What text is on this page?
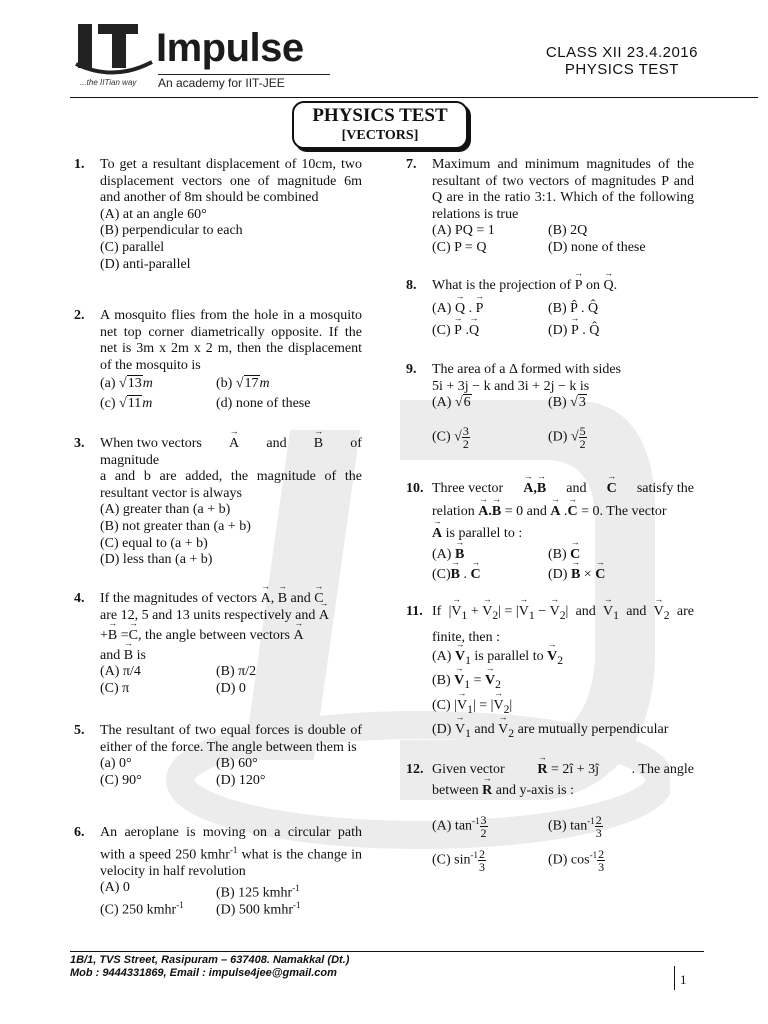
Impulse
An academy for IIT-JEE
...the IITian way
CLASS XII 23.4.2016
PHYSICS TEST
PHYSICS TEST
[VECTORS]
1. To get a resultant displacement of 10cm, two displacement vectors one of magnitude 6m and another of 8m should be combined
(A) at an angle 60°
(B) perpendicular to each
(C) parallel
(D) anti-parallel
2. A mosquito flies from the hole in a mosquito net top corner diametrically opposite. If the net is 3m x 2m x 2 m, then the displacement of the mosquito is
(a) √13m	(b) √17m
(c) √11m	(d) none of these
3. When two vectors → A and → B of
magnitude
a and b are added, the magnitude of the resultant vector is always
(A) greater than (a + b)
(B) not greater than (a + b)
(C) equal to (a + b)
(D) less than (a + b)
4. If the magnitudes of vectors → A, → B and → C
are 12, 5 and 13 units respectively and → A
+→ B =→ C, the angle between vectors → A
and → B is
(A) π/4	(B) π/2
(C) π	(D) 0
5. The resultant of two equal forces is double of either of the force. The angle between them is
(a) 0°	(B) 60°
(C) 90°	(D) 120°
6. An aeroplane is moving on a circular path with a speed 250 kmhr$^{-1}$ what is the change in velocity in half revolution
(A) 0	(B) 125 kmhr$^{-1}$
(C) 250 kmhr$^{-1}$ (D) 500 kmhr$^{-1}$
7. Maximum and minimum magnitudes of the resultant of two vectors of magnitudes P and Q are in the ratio 3:1. Which of the following relations is true
(A) PQ = 1	(B) 2Q
(C) P = Q	(D) none of these
8. What is the projection of → P on → Q.
(A) → Q . → P	(B) P̂ . Q̂
(C) → P .→ Q	(D) → P . Q̂
9. The area of a Δ formed with sides
5i + 3j − k and 3i + 2j − k is
(A) √6	(B) √3
(C) √ $\frac{3}{2}$	(D) √ $\frac{5}{2}$
10. Three vector → A,→ B and → C satisfy the
relation → A.→ B = 0 and → A .→ C = 0. The vector
→ A is parallel to :
(A) → B	(B) → C
(C)→ B . → C	(D) → B × → C
11. If |→ $V_1$ + → $V_2|$ = |→ $V_1$ − → $V_2|$ and → $V_1$ and → $V_2$ are
finite, then :
$(A) \to V_1$ is parallel to → $V_2$
$(B) \to V_1$ = → $V_2$
(C) |→ $V_1|$ = |→ $V_2|$
$(D) \to V_1$ and → $V_2$ are mutually perpendicular
12. Given vector → R = 2î + 3ĵ . The angle
between → R and y-axis is :
(A) $\tan^{-1} \frac{3}{2}$	(B) $\tan^{-1} \frac{2}{3}$
(C) $\sin^{-1} \frac{2}{3}$	(D) $\cos^{-1} \frac{2}{3}$
1B/1, TVS Street, Rasipuram – 637408. Namakkal (Dt.)
Mob : 9444331869, Email : impulse4jee@gmail.com	1
